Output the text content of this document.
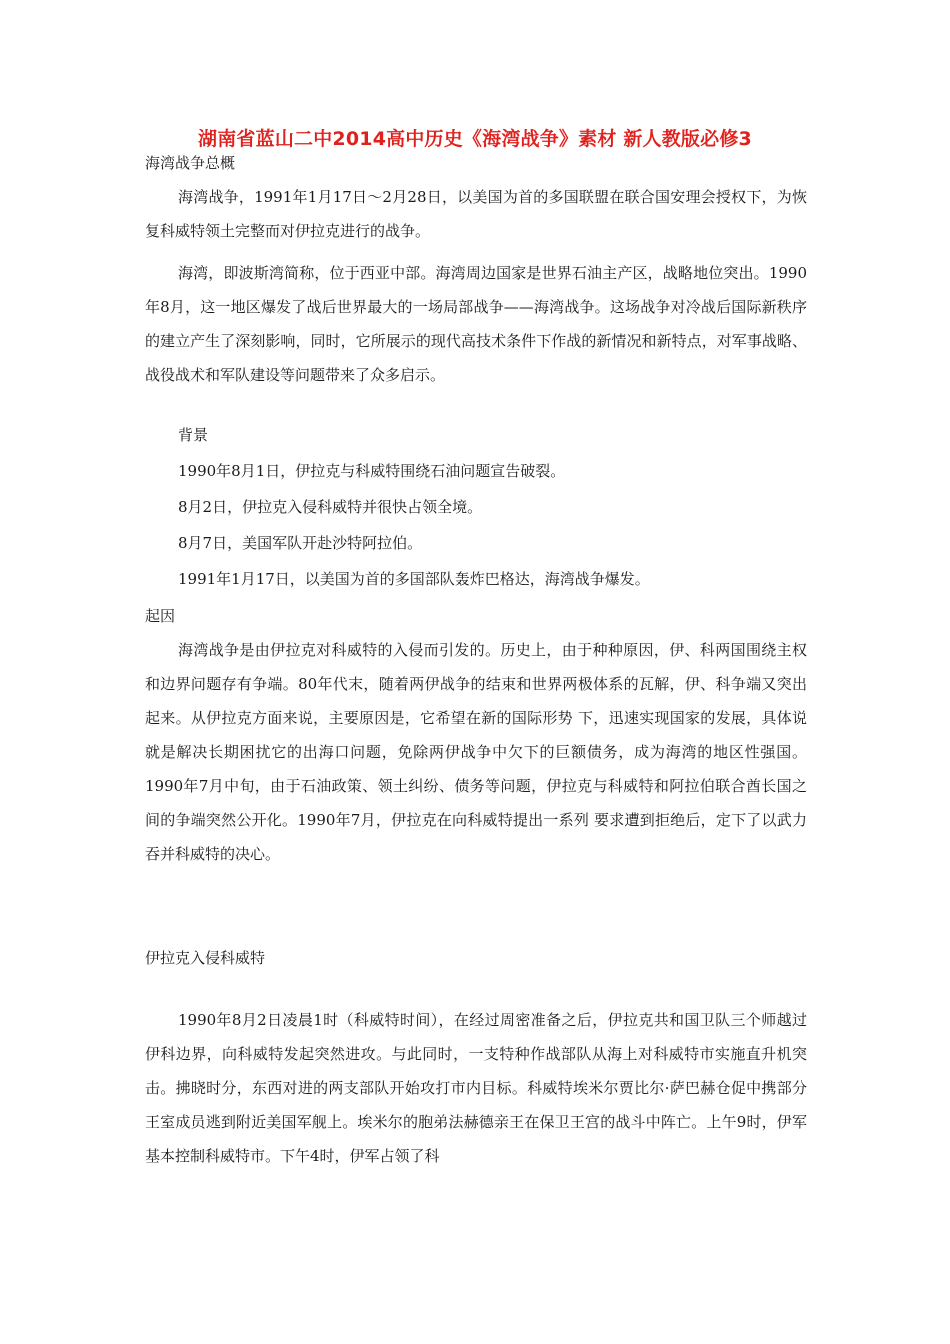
湖南省蓝山二中2014高中历史《海湾战争》素材 新人教版必修3

海湾战争总概

海湾战争，1991年1月17日～2月28日，以美国为首的多国联盟在联合国安理会授权下，为恢复科威特领土完整而对伊拉克进行的战争。

海湾，即波斯湾简称，位于西亚中部。海湾周边国家是世界石油主产区，战略地位突出。1990年8月，这一地区爆发了战后世界最大的一场局部战争——海湾战争。这场战争对冷战后国际新秩序的建立产生了深刻影响，同时，它所展示的现代高技术条件下作战的新情况和新特点，对军事战略、战役战术和军队建设等问题带来了众多启示。

背景

1990年8月1日，伊拉克与科威特围绕石油问题宣告破裂。

8月2日，伊拉克入侵科威特并很快占领全境。

8月7日，美国军队开赴沙特阿拉伯。

1991年1月17日，以美国为首的多国部队轰炸巴格达，海湾战争爆发。

起因

海湾战争是由伊拉克对科威特的入侵而引发的。历史上，由于种种原因，伊、科两国围绕主权和边界问题存有争端。80年代末，随着两伊战争的结束和世界两极体系的瓦解，伊、科争端又突出起来。从伊拉克方面来说，主要原因是，它希望在新的国际形势 下，迅速实现国家的发展，具体说就是解决长期困扰它的出海口问题，免除两伊战争中欠下的巨额债务，成为海湾的地区性强国。1990年7月中旬，由于石油政策、领土纠纷、债务等问题，伊拉克与科威特和阿拉伯联合酋长国之间的争端突然公开化。1990年7月，伊拉克在向科威特提出一系列 要求遭到拒绝后，定下了以武力吞并科威特的决心。

伊拉克入侵科威特

1990年8月2日凌晨1时（科威特时间），在经过周密准备之后，伊拉克共和国卫队三个师越过伊科边界，向科威特发起突然进攻。与此同时，一支特种作战部队从海上对科威特市实施直升机突击。拂晓时分，东西对进的两支部队开始攻打市内目标。科威特埃米尔贾比尔·萨巴赫仓促中携部分王室成员逃到附近美国军舰上。埃米尔的胞弟法赫德亲王在保卫王宫的战斗中阵亡。上午9时，伊军基本控制科威特市。下午4时，伊军占领了科
